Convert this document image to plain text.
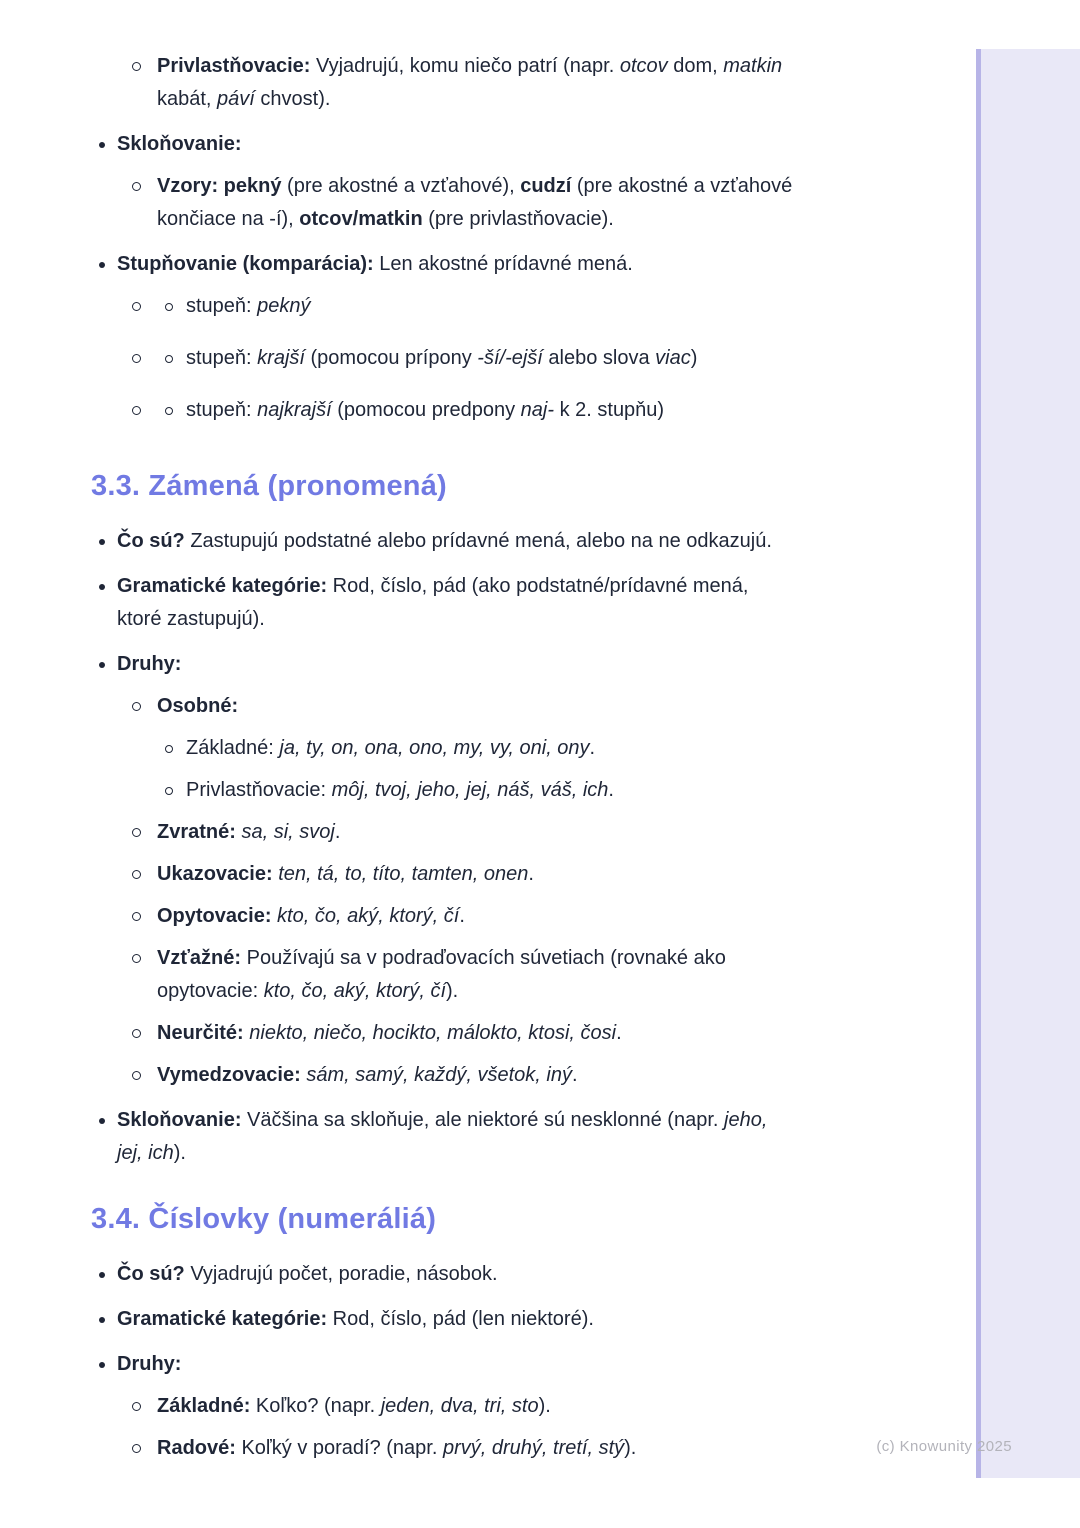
Privlastňovacie: Vyjadrujú, komu niečo patrí (napr. otcov dom, matkin
kabát, páví chvost).
Skloňovanie:
Vzory: pekný (pre akostné a vzťahové), cudzí (pre akostné a vzťahové
končiace na -í), otcov/matkin (pre privlastňovacie).
Stupňovanie (komparácia): Len akostné prídavné mená.
stupeň: pekný
stupeň: krajší (pomocou prípony -ší/-ejší alebo slova viac)
stupeň: najkrajší (pomocou predpony naj- k 2. stupňu)
3.3. Zámená (pronomená)
Čo sú? Zastupujú podstatné alebo prídavné mená, alebo na ne odkazujú.
Gramatické kategórie: Rod, číslo, pád (ako podstatné/prídavné mená,
ktoré zastupujú).
Druhy:
Osobné:
Základné: ja, ty, on, ona, ono, my, vy, oni, ony.
Privlastňovacie: môj, tvoj, jeho, jej, náš, váš, ich.
Zvratné: sa, si, svoj.
Ukazovacie: ten, tá, to, títo, tamten, onen.
Opytovacie: kto, čo, aký, ktorý, čí.
Vzťažné: Používajú sa v podraďovacích súvetiach (rovnaké ako
opytovacie: kto, čo, aký, ktorý, čí).
Neurčité: niekto, niečo, hocikto, málokto, ktosi, čosi.
Vymedzovacie: sám, samý, každý, všetok, iný.
Skloňovanie: Väčšina sa skloňuje, ale niektoré sú nesklonné (napr. jeho,
jej, ich).
3.4. Číslovky (numeráliá)
Čo sú? Vyjadrujú počet, poradie, násobok.
Gramatické kategórie: Rod, číslo, pád (len niektoré).
Druhy:
Základné: Koľko? (napr. jeden, dva, tri, sto).
Radové: Koľký v poradí? (napr. prvý, druhý, tretí, stý).	(c) Knowunity 2025
